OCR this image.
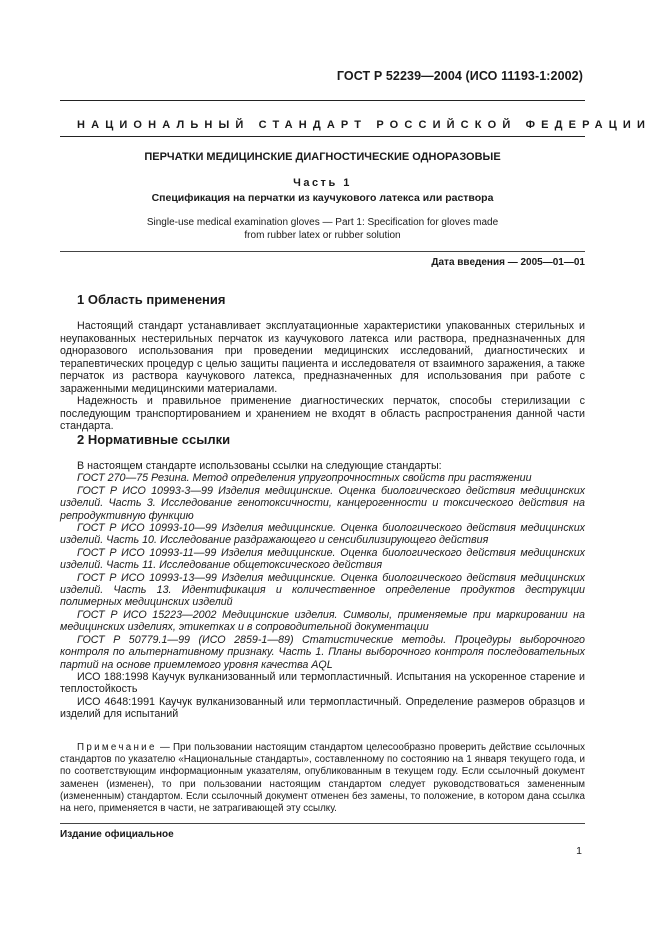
ГОСТ Р 52239—2004 (ИСО 11193-1:2002)
НАЦИОНАЛЬНЫЙ СТАНДАРТ РОССИЙСКОЙ ФЕДЕРАЦИИ
ПЕРЧАТКИ МЕДИЦИНСКИЕ ДИАГНОСТИЧЕСКИЕ ОДНОРАЗОВЫЕ
Часть 1
Спецификация на перчатки из каучукового латекса или раствора
Single-use medical examination gloves — Part 1: Specification for gloves made
from rubber latex or rubber solution
Дата введения — 2005—01—01
1 Область применения

Настоящий стандарт устанавливает эксплуатационные характеристики упакованных стерильных и неупакованных нестерильных перчаток из каучукового латекса или раствора, предназначенных для одноразового использования при проведении медицинских исследований, диагностических и терапевтических процедур с целью защиты пациента и исследователя от взаимного заражения, а также перчаток из раствора каучукового латекса, предназначенных для использования при работе с зараженными медицинскими материалами.

Надежность и правильное применение диагностических перчаток, способы стерилизации с последующим транспортированием и хранением не входят в область распространения данной части стандарта.

2 Нормативные ссылки

В настоящем стандарте использованы ссылки на следующие стандарты:

ГОСТ 270—75 Резина. Метод определения упругопрочностных свойств при растяжении

ГОСТ Р ИСО 10993-3—99 Изделия медицинские. Оценка биологического действия медицинских изделий. Часть 3. Исследование генотоксичности, канцерогенности и токсического действия на репродуктивную функцию

ГОСТ Р ИСО 10993-10—99 Изделия медицинские. Оценка биологического действия медицинских изделий. Часть 10. Исследование раздражающего и сенсибилизирующего действия

ГОСТ Р ИСО 10993-11—99 Изделия медицинские. Оценка биологического действия медицинских изделий. Часть 11. Исследование общетоксического действия

ГОСТ Р ИСО 10993-13—99 Изделия медицинские. Оценка биологического действия медицинских изделий. Часть 13. Идентификация и количественное определение продуктов деструкции полимерных медицинских изделий

ГОСТ Р ИСО 15223—2002 Медицинские изделия. Символы, применяемые при маркировании на медицинских изделиях, этикетках и в сопроводительной документации

ГОСТ Р 50779.1—99 (ИСО 2859-1—89) Статистические методы. Процедуры выборочного контроля по альтернативному признаку. Часть 1. Планы выборочного контроля последовательных партий на основе приемлемого уровня качества AQL

ИСО 188:1998 Каучук вулканизованный или термопластичный. Испытания на ускоренное старение и теплостойкость

ИСО 4648:1991 Каучук вулканизованный или термопластичный. Определение размеров образцов и изделий для испытаний

Примечание — При пользовании настоящим стандартом целесообразно проверить действие ссылочных стандартов по указателю «Национальные стандарты», составленному по состоянию на 1 января текущего года, и по соответствующим информационным указателям, опубликованным в текущем году. Если ссылочный документ заменен (изменен), то при пользовании настоящим стандартом следует руководствоваться замененным (измененным) стандартом. Если ссылочный документ отменен без замены, то положение, в котором дана ссылка на него, применяется в части, не затрагивающей эту ссылку.

Издание официальное
1
